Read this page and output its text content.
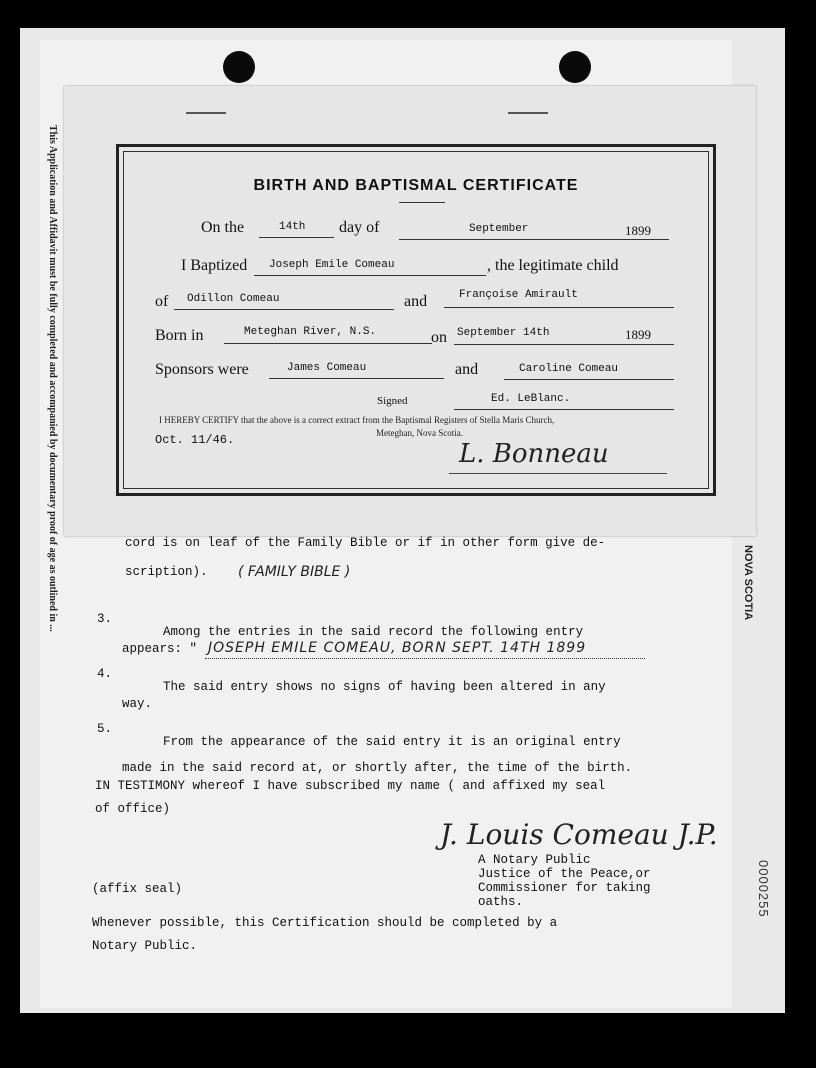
This Application and Affidavit must be fully completed and accompanied by documentary proof of age as outlined in ...	NOVA SCOTIA
0000255
BIRTH AND BAPTISMAL CERTIFICATE
On the	14th day of	September	1899
I Baptized Joseph Emile Comeau	, the legitimate child
of Odillon Comeau	and	Françoise Amirault
Born in	Meteghan River, N.S.	on September 14th	1899
Sponsors were	James Comeau	and	Caroline Comeau
Signed	Ed. LeBlanc.
I HEREBY CERTIFY that the above is a correct extract from the Baptismal Registers of Stella Maris Church,
Meteghan, Nova Scotia.
Oct. 11/46.	L. Bonneau
cord is on leaf of the Family Bible or if in other form give de-
scription). ( FAMILY BIBLE )
3.
Among the entries in the said record the following entry
appears: " JOSEPH EMILE COMEAU, BORN SEPT. 14TH 1899
4.
The said entry shows no signs of having been altered in any
way.
5.
From the appearance of the said entry it is an original entry
made in the said record at, or shortly after, the time of the birth.
IN TESTIMONY whereof I have subscribed my name ( and affixed my seal
of office)
J. Louis Comeau J.P.
A Notary Public
Justice of the Peace,or
Commissioner for taking
oaths.
(affix seal)
Whenever possible, this Certification should be completed by a
Notary Public.
